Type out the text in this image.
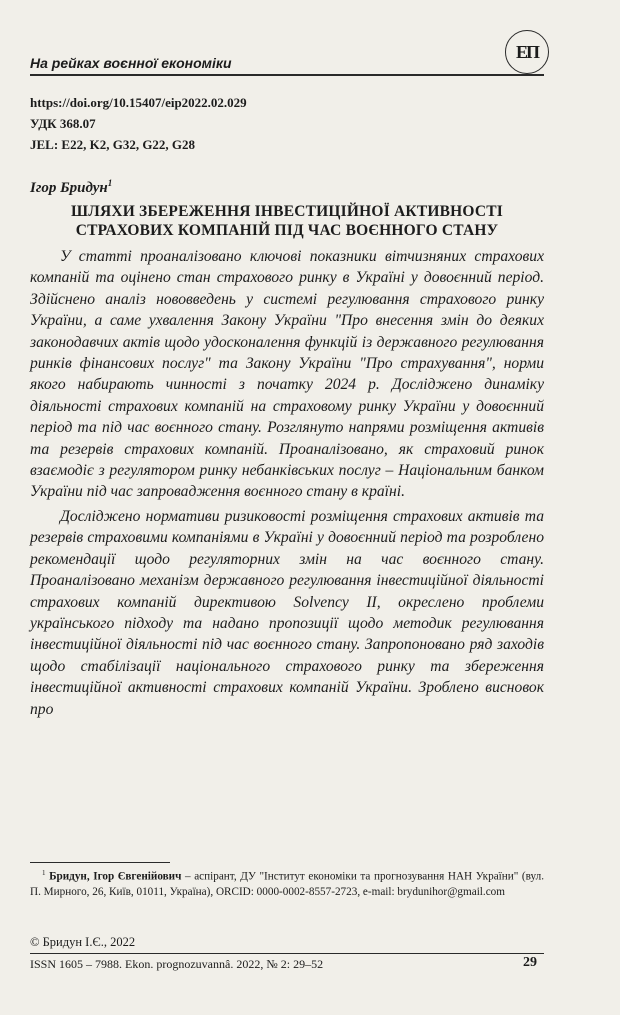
На рейках воєнної економіки
ЕП
https://doi.org/10.15407/eip2022.02.029
УДК 368.07
JEL: E22, K2, G32, G22, G28
Ігор Бридун$^1$
ШЛЯХИ ЗБЕРЕЖЕННЯ ІНВЕСТИЦІЙНОЇ АКТИВНОСТІ
СТРАХОВИХ КОМПАНІЙ ПІД ЧАС ВОЄННОГО СТАНУ

У статті проаналізовано ключові показники вітчизняних страхових компаній та оцінено стан страхового ринку в Україні у довоєнний період. Здійснено аналіз нововведень у системі регулювання страхового ринку України, а саме ухвалення Закону України "Про внесення змін до деяких законодавчих актів щодо удосконалення функцій із державного регулювання ринків фінансових послуг" та Закону України "Про страхування", норми якого набирають чинності з початку 2024 р. Досліджено динаміку діяльності страхових компаній на страховому ринку України у довоєнний період та під час воєнного стану. Розглянуто напрями розміщення активів та резервів страхових компаній. Проаналізовано, як страховий ринок взаємодіє з регулятором ринку небанківських послуг – Національним банком України під час запровадження воєнного стану в країні.

Досліджено нормативи ризиковості розміщення страхових активів та резервів страховими компаніями в Україні у довоєнний період та розроблено рекомендації щодо регуляторних змін на час воєнного стану. Проаналізовано механізм державного регулювання інвестиційної діяльності страхових компаній директивою Solvency II, окреслено проблеми українського підходу та надано пропозиції щодо методик регулювання інвестиційної діяльності під час воєнного стану. Запропоновано ряд заходів щодо стабілізації національного страхового ринку та збереження інвестиційної активності страхових компаній України. Зроблено висновок про

$^1$ Бридун, Ігор Євгенійович – аспірант, ДУ "Інститут економіки та прогнозування НАН України" (вул. П. Мирного, 26, Київ, 01011, Україна), ORCID: 0000-0002-8557-2723, e-mail: brydunihor@gmail.com
© Бридун І.Є., 2022
ISSN 1605 – 7988. Ekon. prognozuvannâ. 2022, № 2: 29–52	29
